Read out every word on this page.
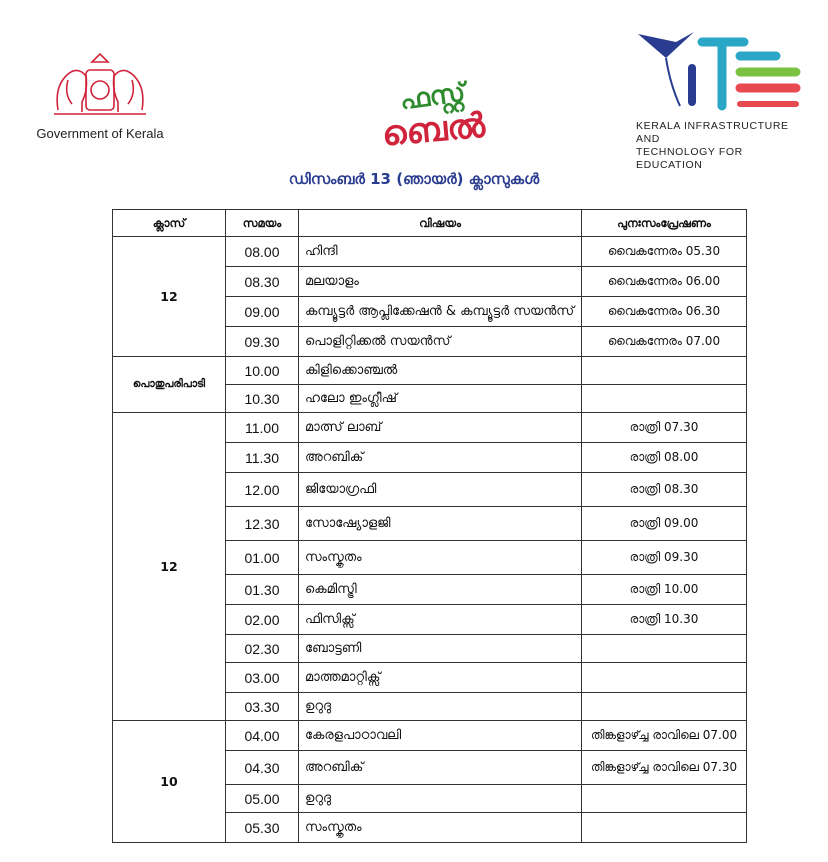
Government of Kerala
ഫസ്റ്റ്
ബെൽ	KERALA INFRASTRUCTURE AND
TECHNOLOGY FOR EDUCATION
ഡിസംബർ 13 (ഞായർ) ക്ലാസുകൾ
ക്ലാസ്	സമയം	വിഷയം	പുനഃസംപ്രേഷണം
12	08.00	ഹിന്ദി	വൈകന്നേരം 05.30
	08.30	മലയാളം	വൈകന്നേരം 06.00
	09.00	കമ്പ്യൂട്ടർ ആപ്ലിക്കേഷൻ & കമ്പ്യൂട്ടർ സയൻസ്	വൈകന്നേരം 06.30
	09.30	പൊളിറ്റിക്കൽ സയൻസ്	വൈകന്നേരം 07.00
പൊതുപരിപാടി	10.00	കിളിക്കൊഞ്ചൽ	
	10.30	ഹലോ ഇംഗ്ലീഷ്	
12	11.00	മാത്സ് ലാബ്	രാത്രി 07.30
	11.30	അറബിക്	രാത്രി 08.00
	12.00	ജിയോഗ്രഫി	രാത്രി 08.30
	12.30	സോഷ്യോളജി	രാത്രി 09.00
	01.00	സംസ്കൃതം	രാത്രി 09.30
	01.30	കെമിസ്ട്രി	രാത്രി 10.00
	02.00	ഫിസിക്സ്	രാത്രി 10.30
	02.30	ബോട്ടണി	
	03.00	മാത്തമാറ്റിക്സ്	
	03.30	ഉറുദു	
10	04.00	കേരളപാഠാവലി	തിങ്കളാഴ്ച്ച രാവിലെ 07.00
	04.30	അറബിക്	തിങ്കളാഴ്ച്ച രാവിലെ 07.30
	05.00	ഉറുദു	
	05.30	സംസ്കൃതം	
